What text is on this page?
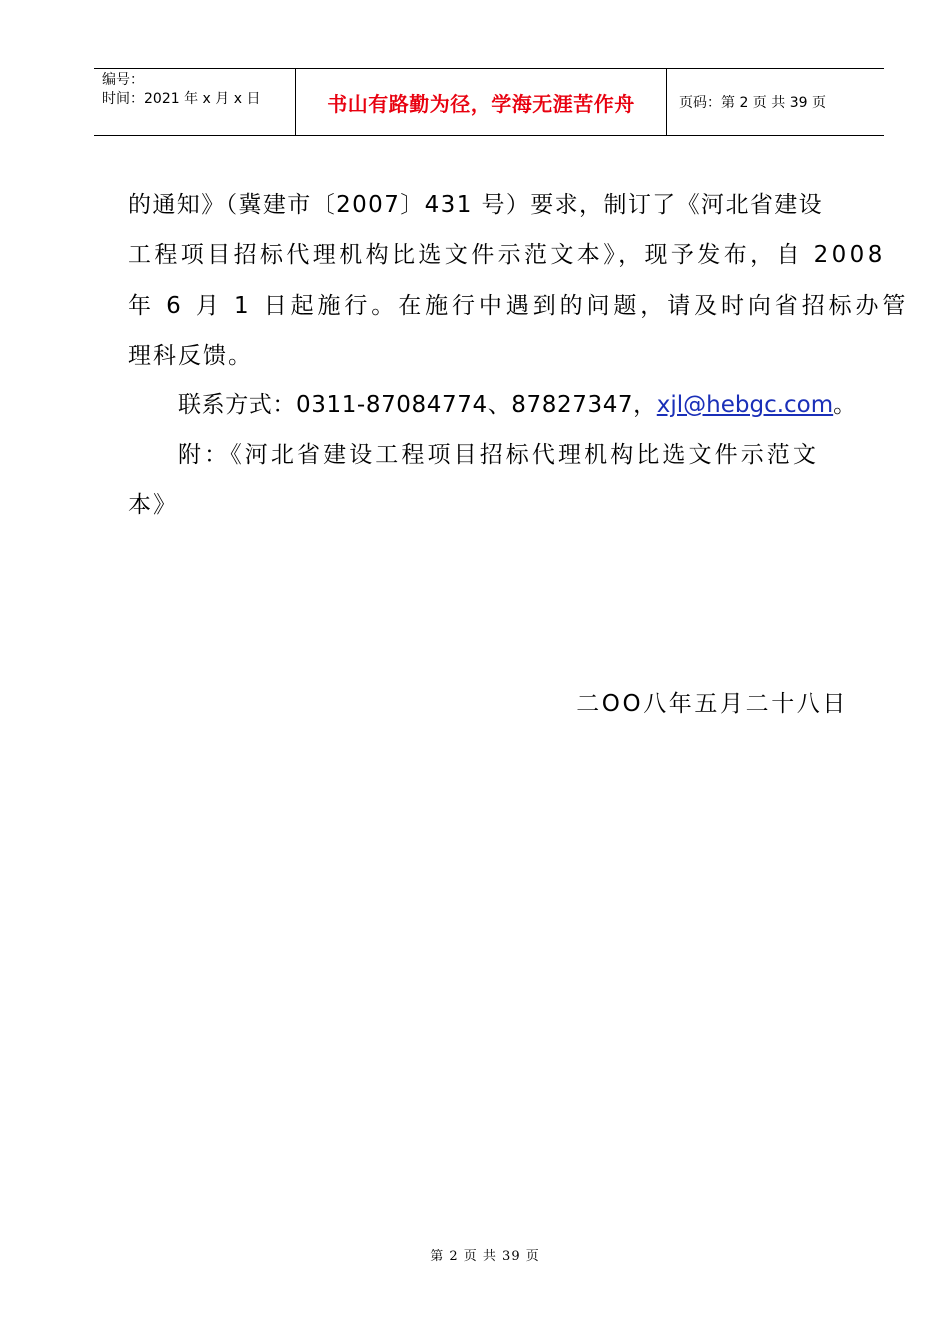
编号：
时间：2021 年 x 月 x 日	书山有路勤为径，学海无涯苦作舟	页码：第 2 页 共 39 页
的通知》（冀建市〔2007〕431 号）要求，制订了《河北省建设
工程项目招标代理机构比选文件示范文本》，现予发布，自 2008
年 6 月 1 日起施行。在施行中遇到的问题，请及时向省招标办管
理科反馈。
联系方式：0311-87084774、87827347，xjl@hebgc.com。
附：《河北省建设工程项目招标代理机构比选文件示范文
本》
二OO八年五月二十八日
第 2 页 共 39 页
